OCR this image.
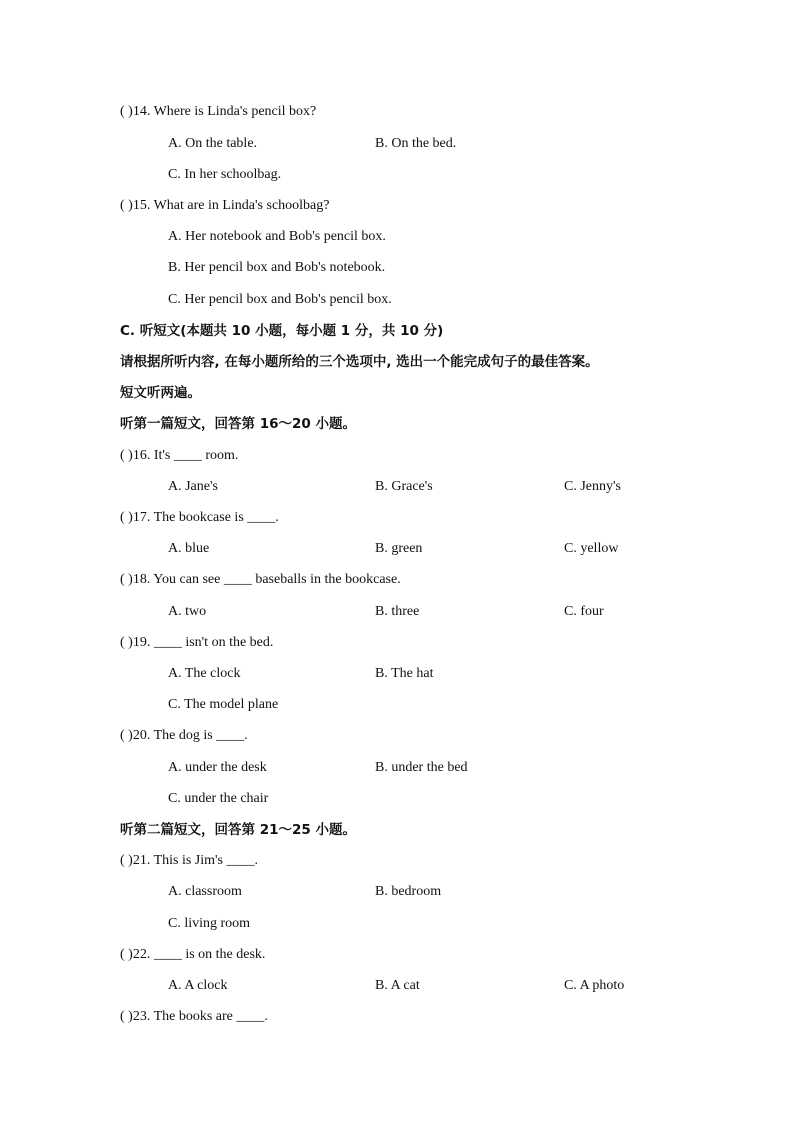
( )14. Where is Linda's pencil box?
A. On the table.	B. On the bed.
C. In her schoolbag.
( )15. What are in Linda's schoolbag?
A. Her notebook and Bob's pencil box.
B. Her pencil box and Bob's notebook.
C. Her pencil box and Bob's pencil box.
C. 听短文(本题共 10 小题，每小题 1 分，共 10 分)
请根据所听内容, 在每小题所给的三个选项中, 选出一个能完成句子的最佳答案。
短文听两遍。
听第一篇短文，回答第 16～20 小题。
( )16. It's ____ room.
A. Jane's	B. Grace's	C. Jenny's
( )17. The bookcase is ____.
A. blue	B. green	C. yellow
( )18. You can see ____ baseballs in the bookcase.
A. two	B. three	C. four
( )19. ____ isn't on the bed.
A. The clock	B. The hat
C. The model plane
( )20. The dog is ____.
A. under the desk	B. under the bed
C. under the chair
听第二篇短文，回答第 21～25 小题。
( )21. This is Jim's ____.
A. classroom	B. bedroom
C. living room
( )22. ____ is on the desk.
A. A clock	B. A cat	C. A photo
( )23. The books are ____.
